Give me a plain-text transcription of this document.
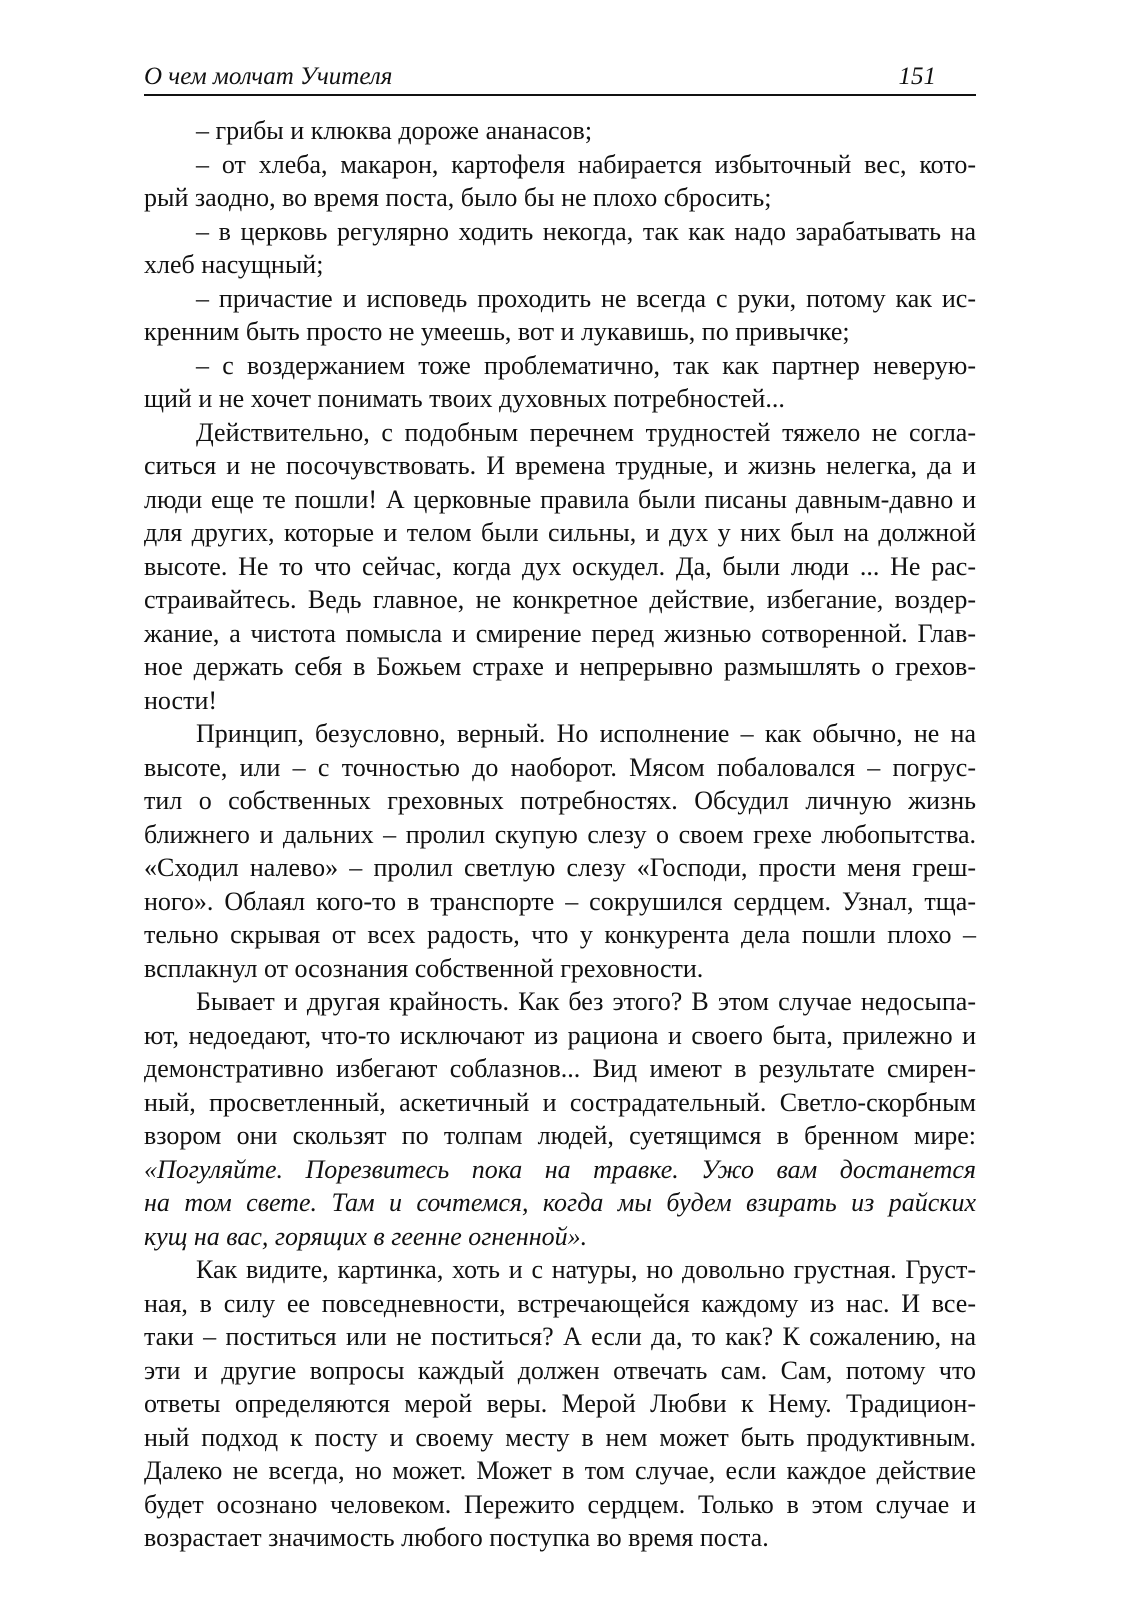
О чем молчат Учителя	151
– грибы и клюква дороже ананасов;
– от хлеба, макарон, картофеля набирается избыточный вес, кото-
рый заодно, во время поста, было бы не плохо сбросить;
– в церковь регулярно ходить некогда, так как надо зарабатывать на
хлеб насущный;
– причастие и исповедь проходить не всегда с руки, потому как ис-
кренним быть просто не умеешь, вот и лукавишь, по привычке;
– с воздержанием тоже проблематично, так как партнер неверую-
щий и не хочет понимать твоих духовных потребностей...
Действительно, с подобным перечнем трудностей тяжело не согла-
ситься и не посочувствовать. И времена трудные, и жизнь нелегка, да и
люди еще те пошли! А церковные правила были писаны давным-давно и
для других, которые и телом были сильны, и дух у них был на должной
высоте. Не то что сейчас, когда дух оскудел. Да, были люди ... Не рас-
страивайтесь. Ведь главное, не конкретное действие, избегание, воздер-
жание, а чистота помысла и смирение перед жизнью сотворенной. Глав-
ное держать себя в Божьем страхе и непрерывно размышлять о грехов-
ности!
Принцип, безусловно, верный. Но исполнение – как обычно, не на
высоте, или – с точностью до наоборот. Мясом побаловался – погрус-
тил о собственных греховных потребностях. Обсудил личную жизнь
ближнего и дальних – пролил скупую слезу о своем грехе любопытства.
«Сходил налево» – пролил светлую слезу «Господи, прости меня греш-
ного». Облаял кого-то в транспорте – сокрушился сердцем. Узнал, тща-
тельно скрывая от всех радость, что у конкурента дела пошли плохо –
всплакнул от осознания собственной греховности.
Бывает и другая крайность. Как без этого? В этом случае недосыпа-
ют, недоедают, что-то исключают из рациона и своего быта, прилежно и
демонстративно избегают соблазнов... Вид имеют в результате смирен-
ный, просветленный, аскетичный и сострадательный. Светло-скорбным
взором они скользят по толпам людей, суетящимся в бренном мире:
«Погуляйте. Порезвитесь пока на травке. Ужо вам достанется
на том свете. Там и сочтемся, когда мы будем взирать из райских
кущ на вас, горящих в геенне огненной».
Как видите, картинка, хоть и с натуры, но довольно грустная. Груст-
ная, в силу ее повседневности, встречающейся каждому из нас. И все-
таки – поститься или не поститься? А если да, то как? К сожалению, на
эти и другие вопросы каждый должен отвечать сам. Сам, потому что
ответы определяются мерой веры. Мерой Любви к Нему. Традицион-
ный подход к посту и своему месту в нем может быть продуктивным.
Далеко не всегда, но может. Может в том случае, если каждое действие
будет осознано человеком. Пережито сердцем. Только в этом случае и
возрастает значимость любого поступка во время поста.
